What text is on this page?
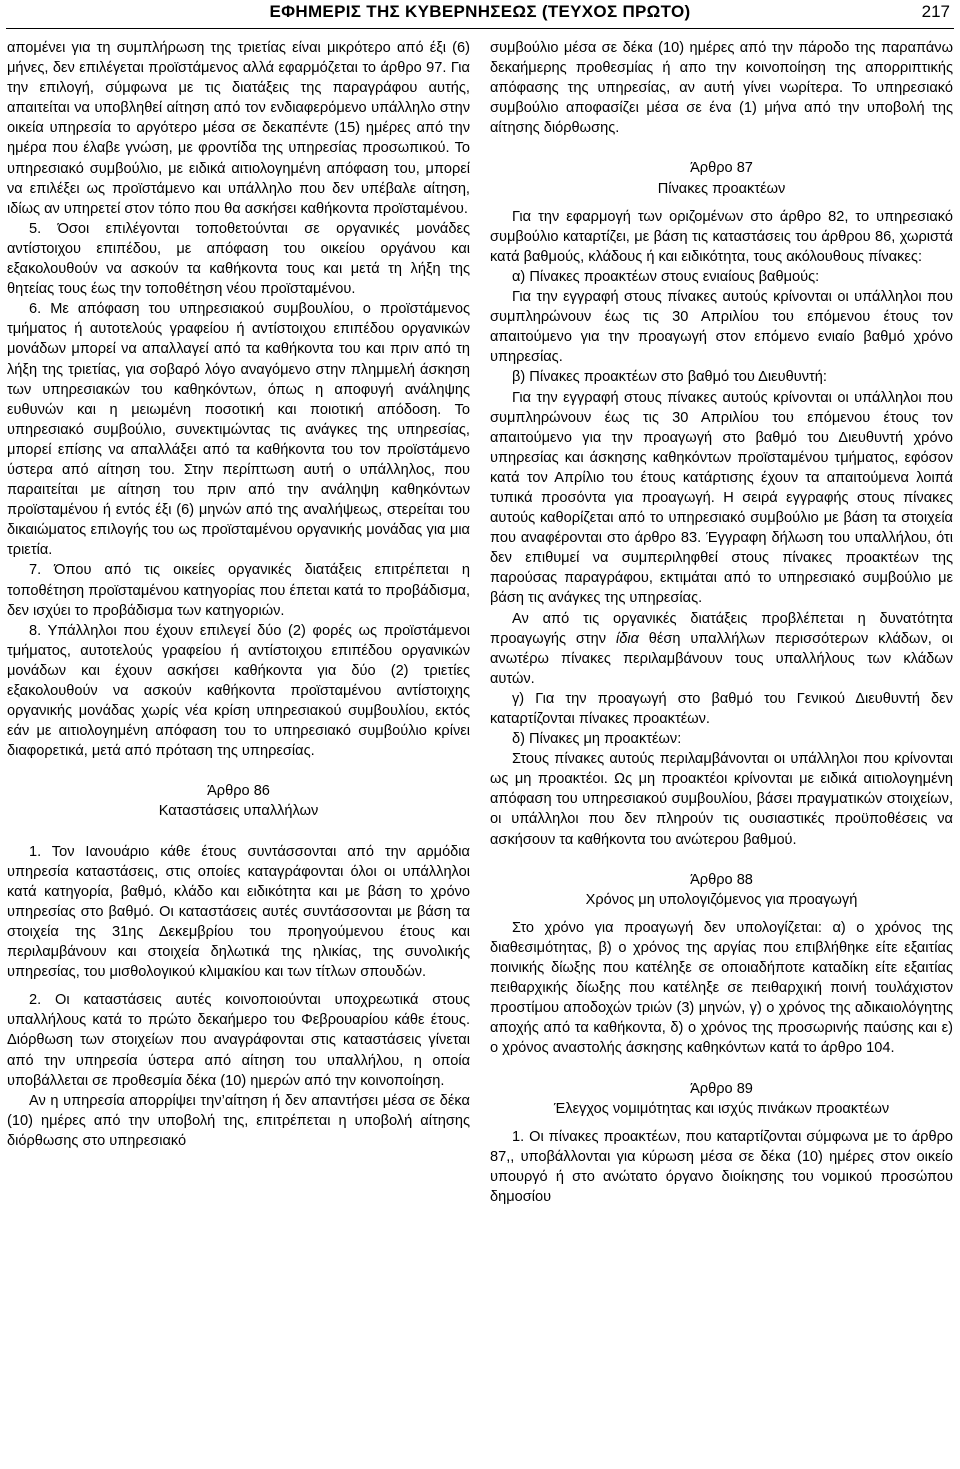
ΕΦΗΜΕΡΙΣ ΤΗΣ ΚΥΒΕΡΝΗΣΕΩΣ (ΤΕΥΧΟΣ ΠΡΩΤΟ)	217

απομένει για τη συμπλήρωση της τριετίας είναι μικρότερο από έξι (6) μήνες, δεν επιλέγεται προϊστάμενος αλλά εφαρμόζεται το άρθρο 97. Για την επιλογή, σύμφωνα με τις διατάξεις της παραγράφου αυτής, απαιτείται να υποβληθεί αίτηση από τον ενδιαφερόμενο υπάλληλο στην οικεία υπηρεσία το αργότερο μέσα σε δεκαπέντε (15) ημέρες από την ημέρα που έλαβε γνώση, με φροντίδα της υπηρεσίας προσωπικού. Το υπηρεσιακό συμβούλιο, με ειδικά αιτιολογημένη απόφαση του, μπορεί να επιλέξει ως προϊστάμενο και υπάλληλο που δεν υπέβαλε αίτηση, ιδίως αν υπηρετεί στον τόπο που θα ασκήσει καθήκοντα προϊσταμένου.

5. Όσοι επιλέγονται τοποθετούνται σε οργανικές μονάδες αντίστοιχου επιπέδου, με απόφαση του οικείου οργάνου και εξακολουθούν να ασκούν τα καθήκοντα τους και μετά τη λήξη της θητείας τους έως την τοποθέτηση νέου προϊσταμένου.

6. Με απόφαση του υπηρεσιακού συμβουλίου, ο προϊστάμενος τμήματος ή αυτοτελούς γραφείου ή αντίστοιχου επιπέδου οργανικών μονάδων μπορεί να απαλλαγεί από τα καθήκοντα του και πριν από τη λήξη της τριετίας, για σοβαρό λόγο αναγόμενο στην πλημμελή άσκηση των υπηρεσιακών του καθηκόντων, όπως η αποφυγή ανάληψης ευθυνών και η μειωμένη ποσοτική και ποιοτική απόδοση. Το υπηρεσιακό συμβούλιο, συνεκτιμώντας τις ανάγκες της υπηρεσίας, μπορεί επίσης να απαλλάξει από τα καθήκοντα του τον προϊστάμενο ύστερα από αίτηση του. Στην περίπτωση αυτή ο υπάλληλος, που παραιτείται με αίτηση του πριν από την ανάληψη καθηκόντων προϊσταμένου ή εντός έξι (6) μηνών από της αναλήψεως, στερείται του δικαιώματος επιλογής του ως προϊσταμένου οργανικής μονάδας για μια τριετία.

7. Όπου από τις οικείες οργανικές διατάξεις επιτρέπεται η τοποθέτηση προϊσταμένου κατηγορίας που έπεται κατά το προβάδισμα, δεν ισχύει το προβάδισμα των κατηγοριών.

8. Υπάλληλοι που έχουν επιλεγεί δύο (2) φορές ως προϊστάμενοι τμήματος, αυτοτελούς γραφείου ή αντίστοιχου επιπέδου οργανικών μονάδων και έχουν ασκήσει καθήκοντα για δύο (2) τριετίες εξακολουθούν να ασκούν καθήκοντα προϊσταμένου αντίστοιχης οργανικής μονάδας χωρίς νέα κρίση υπηρεσιακού συμβουλίου, εκτός εάν με αιτιολογημένη απόφαση του το υπηρεσιακό συμβούλιο κρίνει διαφορετικά, μετά από πρόταση της υπηρεσίας.

Άρθρο 86

Καταστάσεις υπαλλήλων

1. Τον Ιανουάριο κάθε έτους συντάσσονται από την αρμόδια υπηρεσία καταστάσεις, στις οποίες καταγράφονται όλοι οι υπάλληλοι κατά κατηγορία, βαθμό, κλάδο και ειδικότητα και με βάση το χρόνο υπηρεσίας στο βαθμό. Οι καταστάσεις αυτές συντάσσονται με βάση τα στοιχεία της 31ης Δεκεμβρίου του προηγούμενου έτους και περιλαμβάνουν και στοιχεία δηλωτικά της ηλικίας, της συνολικής υπηρεσίας, του μισθολογικού κλιμακίου και των τίτλων σπουδών.

2. Οι καταστάσεις αυτές κοινοποιούνται υποχρεωτικά στους υπαλλήλους κατά το πρώτο δεκαήμερο του Φεβρουαρίου κάθε έτους. Διόρθωση των στοιχείων που αναγράφονται στις καταστάσεις γίνεται από την υπηρεσία ύστερα από αίτηση του υπαλλήλου, η οποία υποβάλλεται σε προθεσμία δέκα (10) ημερών από την κοινοποίηση.

Αν η υπηρεσία απορρίψει την’αίτηση ή δεν απαντήσει μέσα σε δέκα (10) ημέρες από την υποβολή της, επιτρέπεται η υποβολή αίτησης διόρθωσης στο υπηρεσιακό

συμβούλιο μέσα σε δέκα (10) ημέρες από την πάροδο της παραπάνω δεκαήμερης προθεσμίας ή απο την κοινοποίηση της απορριπτικής απόφασης της υπηρεσίας, αν αυτή γίνει νωρίτερα. Το υπηρεσιακό συμβούλιο αποφασίζει μέσα σε ένα (1) μήνα από την υποβολή της αίτησης διόρθωσης.

Άρθρο 87

Πίνακες προακτέων

Για την εφαρμογή των οριζομένων στο άρθρο 82, το υπηρεσιακό συμβούλιο καταρτίζει, με βάση τις καταστάσεις του άρθρου 86, χωριστά κατά βαθμούς, κλάδους ή και ειδικότητα, τους ακόλουθους πίνακες:

α) Πίνακες προακτέων στους ενιαίους βαθμούς:

Για την εγγραφή στους πίνακες αυτούς κρίνονται οι υπάλληλοι που συμπληρώνουν έως τις 30 Απριλίου του επόμενου έτους τον απαιτούμενο για την προαγωγή στον επόμενο ενιαίο βαθμό χρόνο υπηρεσίας.

β) Πίνακες προακτέων στο βαθμό του Διευθυντή:

Για την εγγραφή στους πίνακες αυτούς κρίνονται οι υπάλληλοι που συμπληρώνουν έως τις 30 Απριλίου του επόμενου έτους τον απαιτούμενο για την προαγωγή στο βαθμό του Διευθυντή χρόνο υπηρεσίας και άσκησης καθηκόντων προϊσταμένου τμήματος, εφόσον κατά τον Απρίλιο του έτους κατάρτισης έχουν τα απαιτούμενα λοιπά τυπικά προσόντα για προαγωγή. Η σειρά εγγραφής στους πίνακες αυτούς καθορίζεται από το υπηρεσιακό συμβούλιο με βάση τα στοιχεία που αναφέρονται στο άρθρο 83. Έγγραφη δήλωση του υπαλλήλου, ότι δεν επιθυμεί να συμπεριληφθεί στους πίνακες προακτέων της παρούσας παραγράφου, εκτιμάται από το υπηρεσιακό συμβούλιο με βάση τις ανάγκες της υπηρεσίας.

Αν από τις οργανικές διατάξεις προβλέπεται η δυνατότητα προαγωγής στην ίδια θέση υπαλλήλων περισσότερων κλάδων, οι ανωτέρω πίνακες περιλαμβάνουν τους υπαλλήλους των κλάδων αυτών.

γ) Για την προαγωγή στο βαθμό του Γενικού Διευθυντή δεν καταρτίζονται πίνακες προακτέων.

δ) Πίνακες μη προακτέων:

Στους πίνακες αυτούς περιλαμβάνονται οι υπάλληλοι που κρίνονται ως μη προακτέοι. Ως μη προακτέοι κρίνονται με ειδικά αιτιολογημένη απόφαση του υπηρεσιακού συμβουλίου, βάσει πραγματικών στοιχείων, οι υπάλληλοι που δεν πληρούν τις ουσιαστικές προϋποθέσεις να ασκήσουν τα καθήκοντα του ανώτερου βαθμού.

Άρθρο 88

Χρόνος μη υπολογιζόμενος για προαγωγή

Στο χρόνο για προαγωγή δεν υπολογίζεται: α) ο χρόνος της διαθεσιμότητας, β) ο χρόνος της αργίας που επιβλήθηκε είτε εξαιτίας ποινικής δίωξης που κατέληξε σε οποιαδήποτε καταδίκη είτε εξαιτίας πειθαρχικής δίωξης που κατέληξε σε πειθαρχική ποινή τουλάχιστον προστίμου αποδοχών τριών (3) μηνών, γ) ο χρόνος της αδικαιολόγητης αποχής από τα καθήκοντα, δ) ο χρόνος της προσωρινής παύσης και ε) ο χρόνος αναστολής άσκησης καθηκόντων κατά το άρθρο 104.

Άρθρο 89

Έλεγχος νομιμότητας και ισχύς πινάκων προακτέων

1. Οι πίνακες προακτέων, που καταρτίζονται σύμφωνα με το άρθρο 87,, υποβάλλονται για κύρωση μέσα σε δέκα (10) ημέρες στον οικείο υπουργό ή στο ανώτατο όργανο διοίκησης του νομικού προσώπου δημοσίου
